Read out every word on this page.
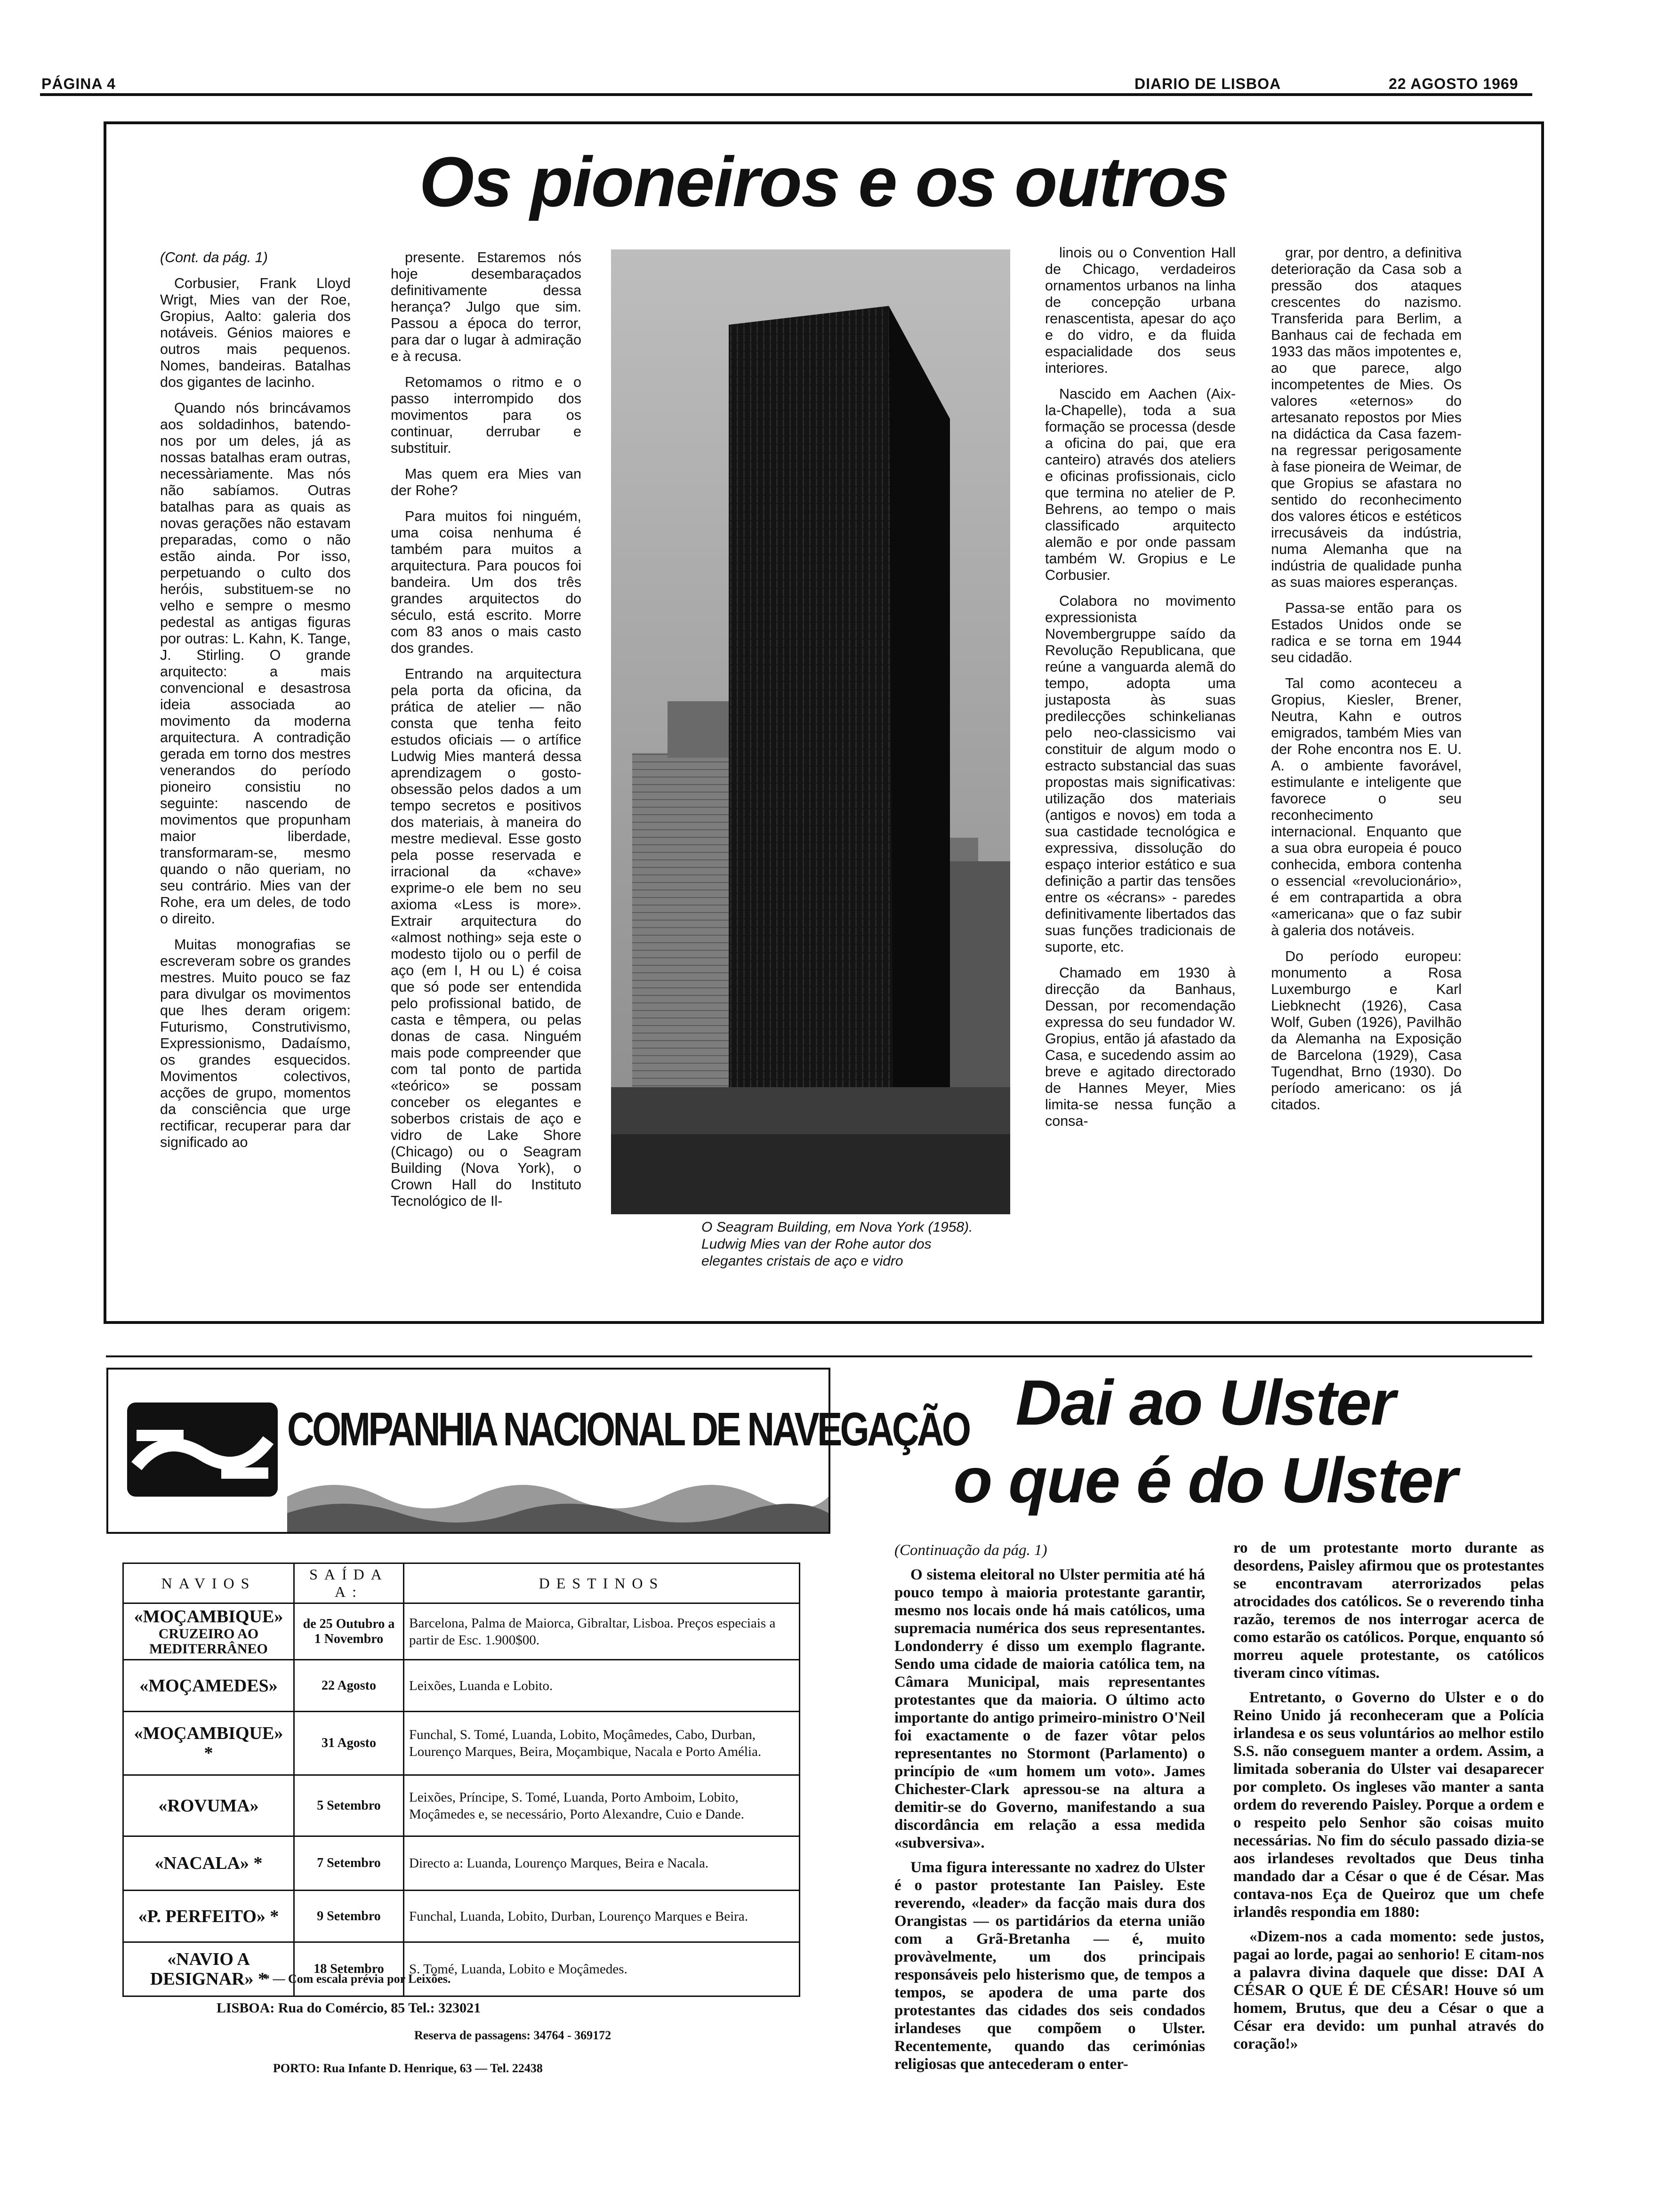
PÁGINA 4	DIARIO DE LISBOA	22 AGOSTO 1969
Os pioneiros e os outros

(Cont. da pág. 1)

Corbusier, Frank Lloyd Wrigt, Mies van der Roe, Gropius, Aalto: galeria dos notáveis. Génios maiores e outros mais pequenos. Nomes, bandeiras. Batalhas dos gigantes de lacinho.

Quando nós brincávamos aos soldadinhos, batendo-nos por um deles, já as nossas batalhas eram outras, necessàriamente. Mas nós não sabíamos. Outras batalhas para as quais as novas gerações não estavam preparadas, como o não estão ainda. Por isso, perpetuando o culto dos heróis, substituem-se no velho e sempre o mesmo pedestal as antigas figuras por outras: L. Kahn, K. Tange, J. Stirling. O grande arquitecto: a mais convencional e desastrosa ideia associada ao movimento da moderna arquitectura. A contradição gerada em torno dos mestres venerandos do período pioneiro consistiu no seguinte: nascendo de movimentos que propunham maior liberdade, transformaram-se, mesmo quando o não queriam, no seu contrário. Mies van der Rohe, era um deles, de todo o direito.

Muitas monografias se escreveram sobre os grandes mestres. Muito pouco se faz para divulgar os movimentos que lhes deram origem: Futurismo, Construtivismo, Expressionismo, Dadaísmo, os grandes esquecidos. Movimentos colectivos, acções de grupo, momentos da consciência que urge rectificar, recuperar para dar significado ao

presente. Estaremos nós hoje desembaraçados definitivamente dessa herança? Julgo que sim. Passou a época do terror, para dar o lugar à admiração e à recusa.

Retomamos o ritmo e o passo interrompido dos movimentos para os continuar, derrubar e substituir.

Mas quem era Mies van der Rohe?

Para muitos foi ninguém, uma coisa nenhuma é também para muitos a arquitectura. Para poucos foi bandeira. Um dos três grandes arquitectos do século, está escrito. Morre com 83 anos o mais casto dos grandes.

Entrando na arquitectura pela porta da oficina, da prática de atelier — não consta que tenha feito estudos oficiais — o artífice Ludwig Mies manterá dessa aprendizagem o gosto-obsessão pelos dados a um tempo secretos e positivos dos materiais, à maneira do mestre medieval. Esse gosto pela posse reservada e irracional da «chave» exprime-o ele bem no seu axioma «Less is more». Extrair arquitectura do «almost nothing» seja este o modesto tijolo ou o perfil de aço (em I, H ou L) é coisa que só pode ser entendida pelo profissional batido, de casta e têmpera, ou pelas donas de casa. Ninguém mais pode compreender que com tal ponto de partida «teórico» se possam conceber os elegantes e soberbos cristais de aço e vidro de Lake Shore (Chicago) ou o Seagram Building (Nova York), o Crown Hall do Instituto Tecnológico de Il-

O Seagram Building, em Nova York (1958). Ludwig Mies van der Rohe autor dos elegantes cristais de aço e vidro

linois ou o Convention Hall de Chicago, verdadeiros ornamentos urbanos na linha de concepção urbana renascentista, apesar do aço e do vidro, e da fluida espacialidade dos seus interiores.

Nascido em Aachen (Aix-la-Chapelle), toda a sua formação se processa (desde a oficina do pai, que era canteiro) através dos ateliers e oficinas profissionais, ciclo que termina no atelier de P. Behrens, ao tempo o mais classificado arquitecto alemão e por onde passam também W. Gropius e Le Corbusier.

Colabora no movimento expressionista Novembergruppe saído da Revolução Republicana, que reúne a vanguarda alemã do tempo, adopta uma justaposta às suas predilecções schinkelianas pelo neo-classicismo vai constituir de algum modo o estracto substancial das suas propostas mais significativas: utilização dos materiais (antigos e novos) em toda a sua castidade tecnológica e expressiva, dissolução do espaço interior estático e sua definição a partir das tensões entre os «écrans» - paredes definitivamente libertados das suas funções tradicionais de suporte, etc.

Chamado em 1930 à direcção da Banhaus, Dessan, por recomendação expressa do seu fundador W. Gropius, então já afastado da Casa, e sucedendo assim ao breve e agitado directorado de Hannes Meyer, Mies limita-se nessa função a consa-

grar, por dentro, a definitiva deterioração da Casa sob a pressão dos ataques crescentes do nazismo. Transferida para Berlim, a Banhaus cai de fechada em 1933 das mãos impotentes e, ao que parece, algo incompetentes de Mies. Os valores «eternos» do artesanato repostos por Mies na didáctica da Casa fazem-na regressar perigosamente à fase pioneira de Weimar, de que Gropius se afastara no sentido do reconhecimento dos valores éticos e estéticos irrecusáveis da indústria, numa Alemanha que na indústria de qualidade punha as suas maiores esperanças.

Passa-se então para os Estados Unidos onde se radica e se torna em 1944 seu cidadão.

Tal como aconteceu a Gropius, Kiesler, Brener, Neutra, Kahn e outros emigrados, também Mies van der Rohe encontra nos E. U. A. o ambiente favorável, estimulante e inteligente que favorece o seu reconhecimento internacional. Enquanto que a sua obra europeia é pouco conhecida, embora contenha o essencial «revolucionário», é em contrapartida a obra «americana» que o faz subir à galeria dos notáveis.

Do período europeu: monumento a Rosa Luxemburgo e Karl Liebknecht (1926), Casa Wolf, Guben (1926), Pavilhão da Alemanha na Exposição de Barcelona (1929), Casa Tugendhat, Brno (1930). Do período americano: os já citados.

COMPANHIA NACIONAL DE NAVEGAÇÃO
NAVIOS	SAÍDA A:	DESTINOS
«MOÇAMBIQUE»
CRUZEIRO AO MEDITERRÂNEO	de 25 Outubro a 1 Novembro	Barcelona, Palma de Maiorca, Gibraltar, Lisboa. Preços especiais a partir de Esc. 1.900$00.
«MOÇAMEDES»	22 Agosto	Leixões, Luanda e Lobito.
«MOÇAMBIQUE» *	31 Agosto	Funchal, S. Tomé, Luanda, Lobito, Moçâmedes, Cabo, Durban, Lourenço Marques, Beira, Moçambique, Nacala e Porto Amélia.
«ROVUMA»	5 Setembro	Leixões, Príncipe, S. Tomé, Luanda, Porto Amboim, Lobito, Moçâmedes e, se necessário, Porto Alexandre, Cuio e Dande.
«NACALA» *	7 Setembro	Directo a: Luanda, Lourenço Marques, Beira e Nacala.
«P. PERFEITO» *	9 Setembro	Funchal, Luanda, Lobito, Durban, Lourenço Marques e Beira.
«NAVIO A DESIGNAR» *	18 Setembro	S. Tomé, Luanda, Lobito e Moçâmedes.
* — Com escala prévia por Leixões.
LISBOA: Rua do Comércio, 85 Tel.: 323021
Reserva de passagens: 34764 - 369172
PORTO: Rua Infante D. Henrique, 63 — Tel. 22438
Dai ao Ulster
o que é do Ulster

(Continuação da pág. 1)

O sistema eleitoral no Ulster permitia até há pouco tempo à maioria protestante garantir, mesmo nos locais onde há mais católicos, uma supremacia numérica dos seus representantes. Londonderry é disso um exemplo flagrante. Sendo uma cidade de maioria católica tem, na Câmara Municipal, mais representantes protestantes que da maioria. O último acto importante do antigo primeiro-ministro O'Neil foi exactamente o de fazer vôtar pelos representantes no Stormont (Parlamento) o princípio de «um homem um voto». James Chichester-Clark apressou-se na altura a demitir-se do Governo, manifestando a sua discordância em relação a essa medida «subversiva».

Uma figura interessante no xadrez do Ulster é o pastor protestante Ian Paisley. Este reverendo, «leader» da facção mais dura dos Orangistas — os partidários da eterna união com a Grã-Bretanha — é, muito provàvelmente, um dos principais responsáveis pelo histerismo que, de tempos a tempos, se apodera de uma parte dos protestantes das cidades dos seis condados irlandeses que compõem o Ulster. Recentemente, quando das cerimónias religiosas que antecederam o enter-

ro de um protestante morto durante as desordens, Paisley afirmou que os protestantes se encontravam aterrorizados pelas atrocidades dos católicos. Se o reverendo tinha razão, teremos de nos interrogar acerca de como estarão os católicos. Porque, enquanto só morreu aquele protestante, os católicos tiveram cinco vítimas.

Entretanto, o Governo do Ulster e o do Reino Unido já reconheceram que a Polícia irlandesa e os seus voluntários ao melhor estilo S.S. não conseguem manter a ordem. Assim, a limitada soberania do Ulster vai desaparecer por completo. Os ingleses vão manter a santa ordem do reverendo Paisley. Porque a ordem e o respeito pelo Senhor são coisas muito necessárias. No fim do século passado dizia-se aos irlandeses revoltados que Deus tinha mandado dar a César o que é de César. Mas contava-nos Eça de Queiroz que um chefe irlandês respondia em 1880:

«Dizem-nos a cada momento: sede justos, pagai ao lorde, pagai ao senhorio! E citam-nos a palavra divina daquele que disse: DAI A CÉSAR O QUE É DE CÉSAR! Houve só um homem, Brutus, que deu a César o que a César era devido: um punhal através do coração!»
